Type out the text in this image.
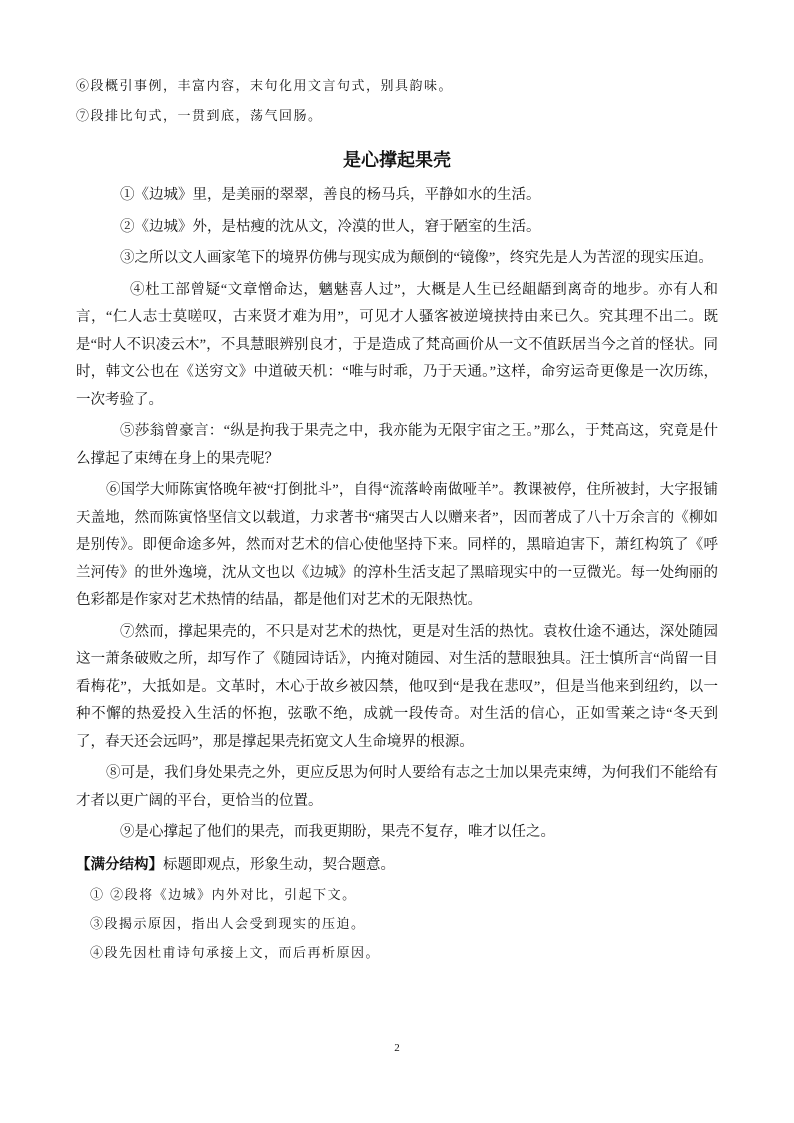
⑥段概引事例，丰富内容，末句化用文言句式，别具韵味。

⑦段排比句式，一贯到底，荡气回肠。

是心撑起果壳

①《边城》里，是美丽的翠翠，善良的杨马兵，平静如水的生活。

②《边城》外，是枯瘦的沈从文，冷漠的世人，窘于陋室的生活。

③之所以文人画家笔下的境界仿佛与现实成为颠倒的“镜像”，终究先是人为苦涩的现实压迫。

④杜工部曾疑“文章憎命达，魑魅喜人过”，大概是人生已经龃龉到离奇的地步。亦有人和言，“仁人志士莫嗟叹，古来贤才难为用”，可见才人骚客被逆境挟持由来已久。究其理不出二。既是“时人不识凌云木”，不具慧眼辨别良才，于是造成了梵高画价从一文不值跃居当今之首的怪状。同时，韩文公也在《送穷文》中道破天机：“唯与时乖，乃于天通。”这样，命穷运奇更像是一次历练，一次考验了。

⑤莎翁曾豪言：“纵是拘我于果壳之中，我亦能为无限宇宙之王。”那么，于梵高这，究竟是什么撑起了束缚在身上的果壳呢？

⑥国学大师陈寅恪晚年被“打倒批斗”，自得“流落岭南做哑羊”。教课被停，住所被封，大字报铺天盖地，然而陈寅恪坚信文以载道，力求著书“痛哭古人以赠来者”，因而著成了八十万余言的《柳如是别传》。即便命途多舛，然而对艺术的信心使他坚持下来。同样的，黑暗迫害下，萧红构筑了《呼兰河传》的世外逸境，沈从文也以《边城》的淳朴生活支起了黑暗现实中的一豆微光。每一处绚丽的色彩都是作家对艺术热情的结晶，都是他们对艺术的无限热忱。

⑦然而，撑起果壳的，不只是对艺术的热忱，更是对生活的热忱。袁枚仕途不通达，深处随园这一萧条破败之所，却写作了《随园诗话》，内掩对随园、对生活的慧眼独具。汪士慎所言“尚留一目看梅花”，大抵如是。文革时，木心于故乡被囚禁，他叹到“是我在悲叹”，但是当他来到纽约，以一种不懈的热爱投入生活的怀抱，弦歌不绝，成就一段传奇。对生活的信心，正如雪莱之诗“冬天到了，春天还会远吗”，那是撑起果壳拓宽文人生命境界的根源。

⑧可是，我们身处果壳之外，更应反思为何时人要给有志之士加以果壳束缚，为何我们不能给有才者以更广阔的平台，更恰当的位置。

⑨是心撑起了他们的果壳，而我更期盼，果壳不复存，唯才以任之。

【满分结构】标题即观点，形象生动，契合题意。

① ②段将《边城》内外对比，引起下文。

③段揭示原因，指出人会受到现实的压迫。

④段先因杜甫诗句承接上文，而后再析原因。

2
